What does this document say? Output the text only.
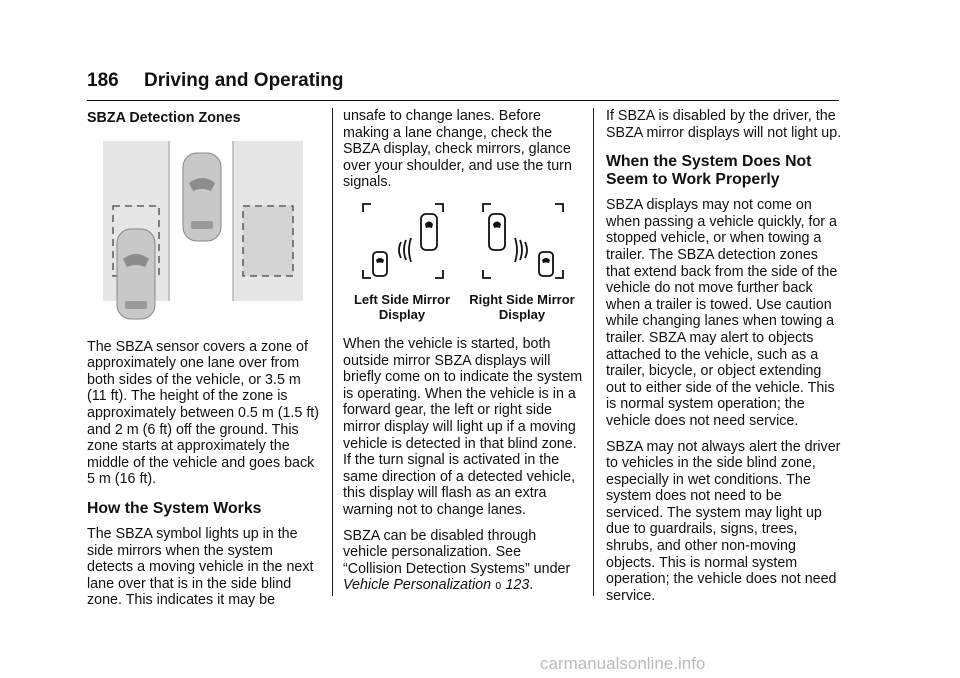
186 Driving and Operating
SBZA Detection Zones

The SBZA sensor covers a zone of approximately one lane over from both sides of the vehicle, or 3.5 m (11 ft). The height of the zone is approximately between 0.5 m (1.5 ft) and 2 m (6 ft) off the ground. This zone starts at approximately the middle of the vehicle and goes back 5 m (16 ft).

How the System Works

The SBZA symbol lights up in the side mirrors when the system detects a moving vehicle in the next lane over that is in the side blind zone. This indicates it may be

unsafe to change lanes. Before making a lane change, check the SBZA display, check mirrors, glance over your shoulder, and use the turn signals.

Left Side Mirror Display
Right Side Mirror Display

When the vehicle is started, both outside mirror SBZA displays will briefly come on to indicate the system is operating. When the vehicle is in a forward gear, the left or right side mirror display will light up if a moving vehicle is detected in that blind zone. If the turn signal is activated in the same direction of a detected vehicle, this display will flash as an extra warning not to change lanes.

SBZA can be disabled through vehicle personalization. See “Collision Detection Systems” under Vehicle Personalization 0 123.

If SBZA is disabled by the driver, the SBZA mirror displays will not light up.

When the System Does Not Seem to Work Properly

SBZA displays may not come on when passing a vehicle quickly, for a stopped vehicle, or when towing a trailer. The SBZA detection zones that extend back from the side of the vehicle do not move further back when a trailer is towed. Use caution while changing lanes when towing a trailer. SBZA may alert to objects attached to the vehicle, such as a trailer, bicycle, or object extending out to either side of the vehicle. This is normal system operation; the vehicle does not need service.

SBZA may not always alert the driver to vehicles in the side blind zone, especially in wet conditions. The system does not need to be serviced. The system may light up due to guardrails, signs, trees, shrubs, and other non-moving objects. This is normal system operation; the vehicle does not need service.

carmanualsonline.info
